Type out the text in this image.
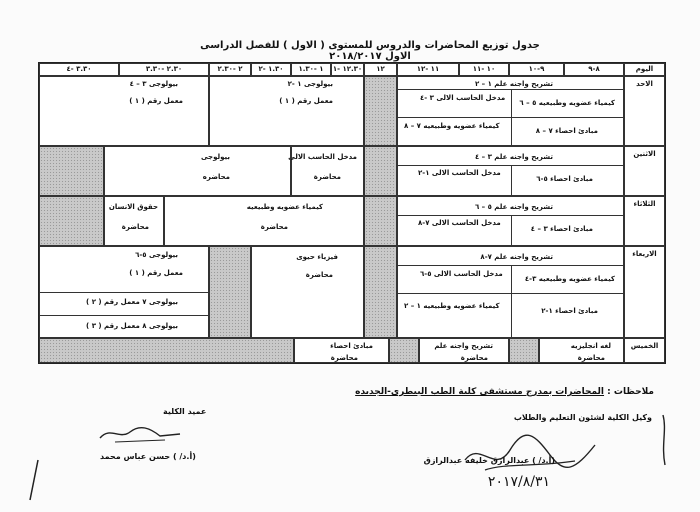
جدول توزيع المحاضرات والدروس للمستوى ( الاول ) للفصل الدراسى الاول ٢٠١٨/٢٠١٧
اليوم
٨-٩
٩-١٠
١٠ -١١
١١ -١٢
١٢
١٢.٣٠ -١
١ -١.٣٠
١.٣٠ -٢
٢ -٢.٣٠
٢.٣٠ -٣.٣٠
٣.٣٠ -٤
الاحد
تشريح واجنه علم ١ – ٢
كيمياء عضويه وطبيعيه ٥ – ٦
مدخل الحاسب الالى ٣ -٤
مبادئ احصاء ٧ – ٨
كيمياء عضويه وطبيعيه ٧ – ٨
بيولوجى ١ -٢
معمل رقم ( ١ )
بيولوجى ٣ – ٤
معمل رقم ( ١ )
الاثنين
تشريح واجنه علم ٣ – ٤
مبادئ احصاء ٥-٦
مدخل الحاسب الالى ١-٢
مدخل الحاسب الالى
محاضرة
بيولوجى
محاضره
الثلاثاء
تشريح واجنه علم ٥ – ٦
مبادئ احصاء ٣ – ٤
مدخل الحاسب الالى ٧-٨
كيمياء عضويه وطبيعيه
محاضرة
حقوق الانسان
محاضرة
الاربعاء
تشريح واجنه علم ٧-٨
كيمياء عضويه وطبيعيه ٣-٤
مدخل الحاسب الالى ٥-٦
مبادئ احصاء ١-٢
كيمياء عضويه وطبيعيه ١ – ٢
فيزياء حيوى
محاضرة
بيولوجى ٥-٦
معمل رقم ( ١ )
بيولوجى ٧ معمل رقم ( ٢ )
بيولوجى ٨ معمل رقم ( ٣ )
الخميس
لغه انجليزيه
محاضرة
تشريح واجنه علم
محاضرة
مبادئ احصاء
محاضرة
ملاحظات : المحاضرات بمدرج مستشفى كلية الطب البيطرى-الجديده
وكيل الكلية لشئون التعليم والطلاب
(أ.د/ ) عبدالرازق خليفه عبدالرازق
٢٠١٧/٨/٣١
عميد الكلية
(أ.د/ ) حسن عباس محمد
